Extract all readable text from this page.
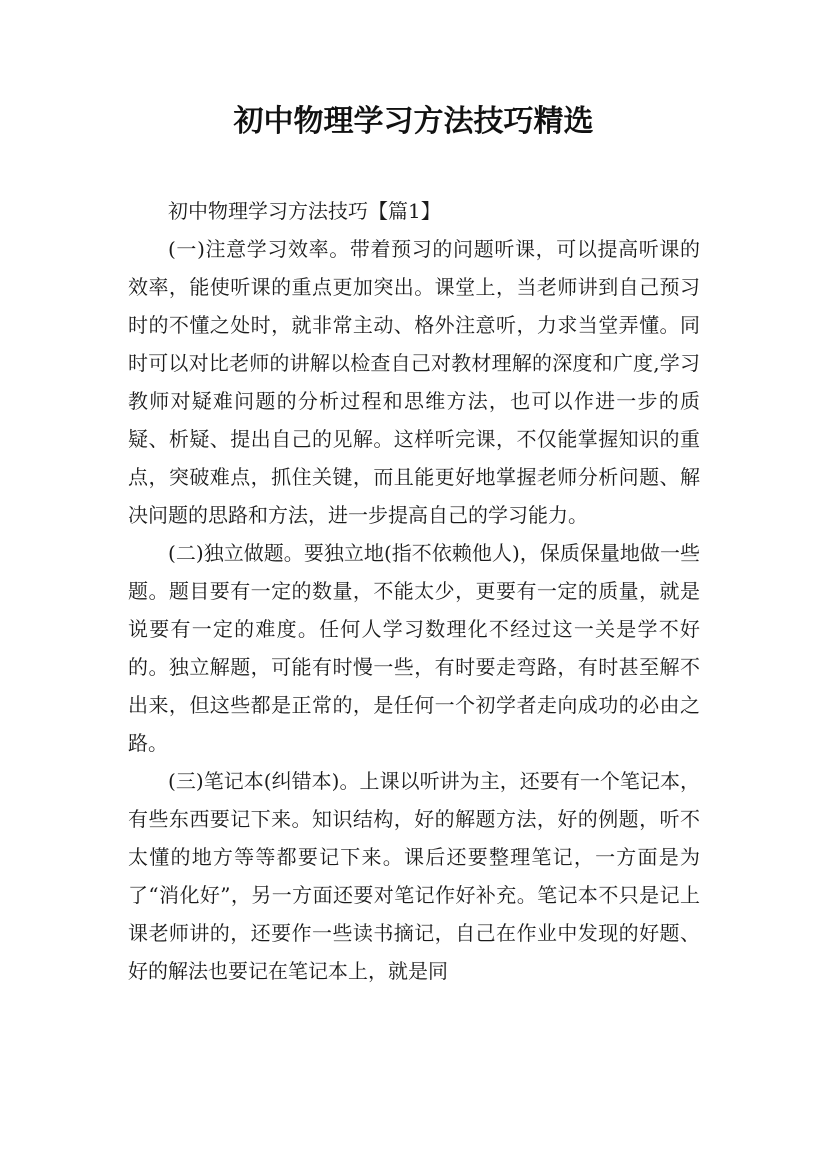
初中物理学习方法技巧精选

初中物理学习方法技巧【篇1】

(一)注意学习效率。带着预习的问题听课，可以提高听课的效率，能使听课的重点更加突出。课堂上，当老师讲到自己预习时的不懂之处时，就非常主动、格外注意听，力求当堂弄懂。同时可以对比老师的讲解以检查自己对教材理解的深度和广度,学习教师对疑难问题的分析过程和思维方法，也可以作进一步的质疑、析疑、提出自己的见解。这样听完课，不仅能掌握知识的重点，突破难点，抓住关键，而且能更好地掌握老师分析问题、解决问题的思路和方法，进一步提高自己的学习能力。

(二)独立做题。要独立地(指不依赖他人)，保质保量地做一些题。题目要有一定的数量，不能太少，更要有一定的质量，就是说要有一定的难度。任何人学习数理化不经过这一关是学不好的。独立解题，可能有时慢一些，有时要走弯路，有时甚至解不出来，但这些都是正常的，是任何一个初学者走向成功的必由之路。

(三)笔记本(纠错本)。上课以听讲为主，还要有一个笔记本，有些东西要记下来。知识结构，好的解题方法，好的例题，听不太懂的地方等等都要记下来。课后还要整理笔记，一方面是为了“消化好”，另一方面还要对笔记作好补充。笔记本不只是记上课老师讲的，还要作一些读书摘记，自己在作业中发现的好题、好的解法也要记在笔记本上，就是同
